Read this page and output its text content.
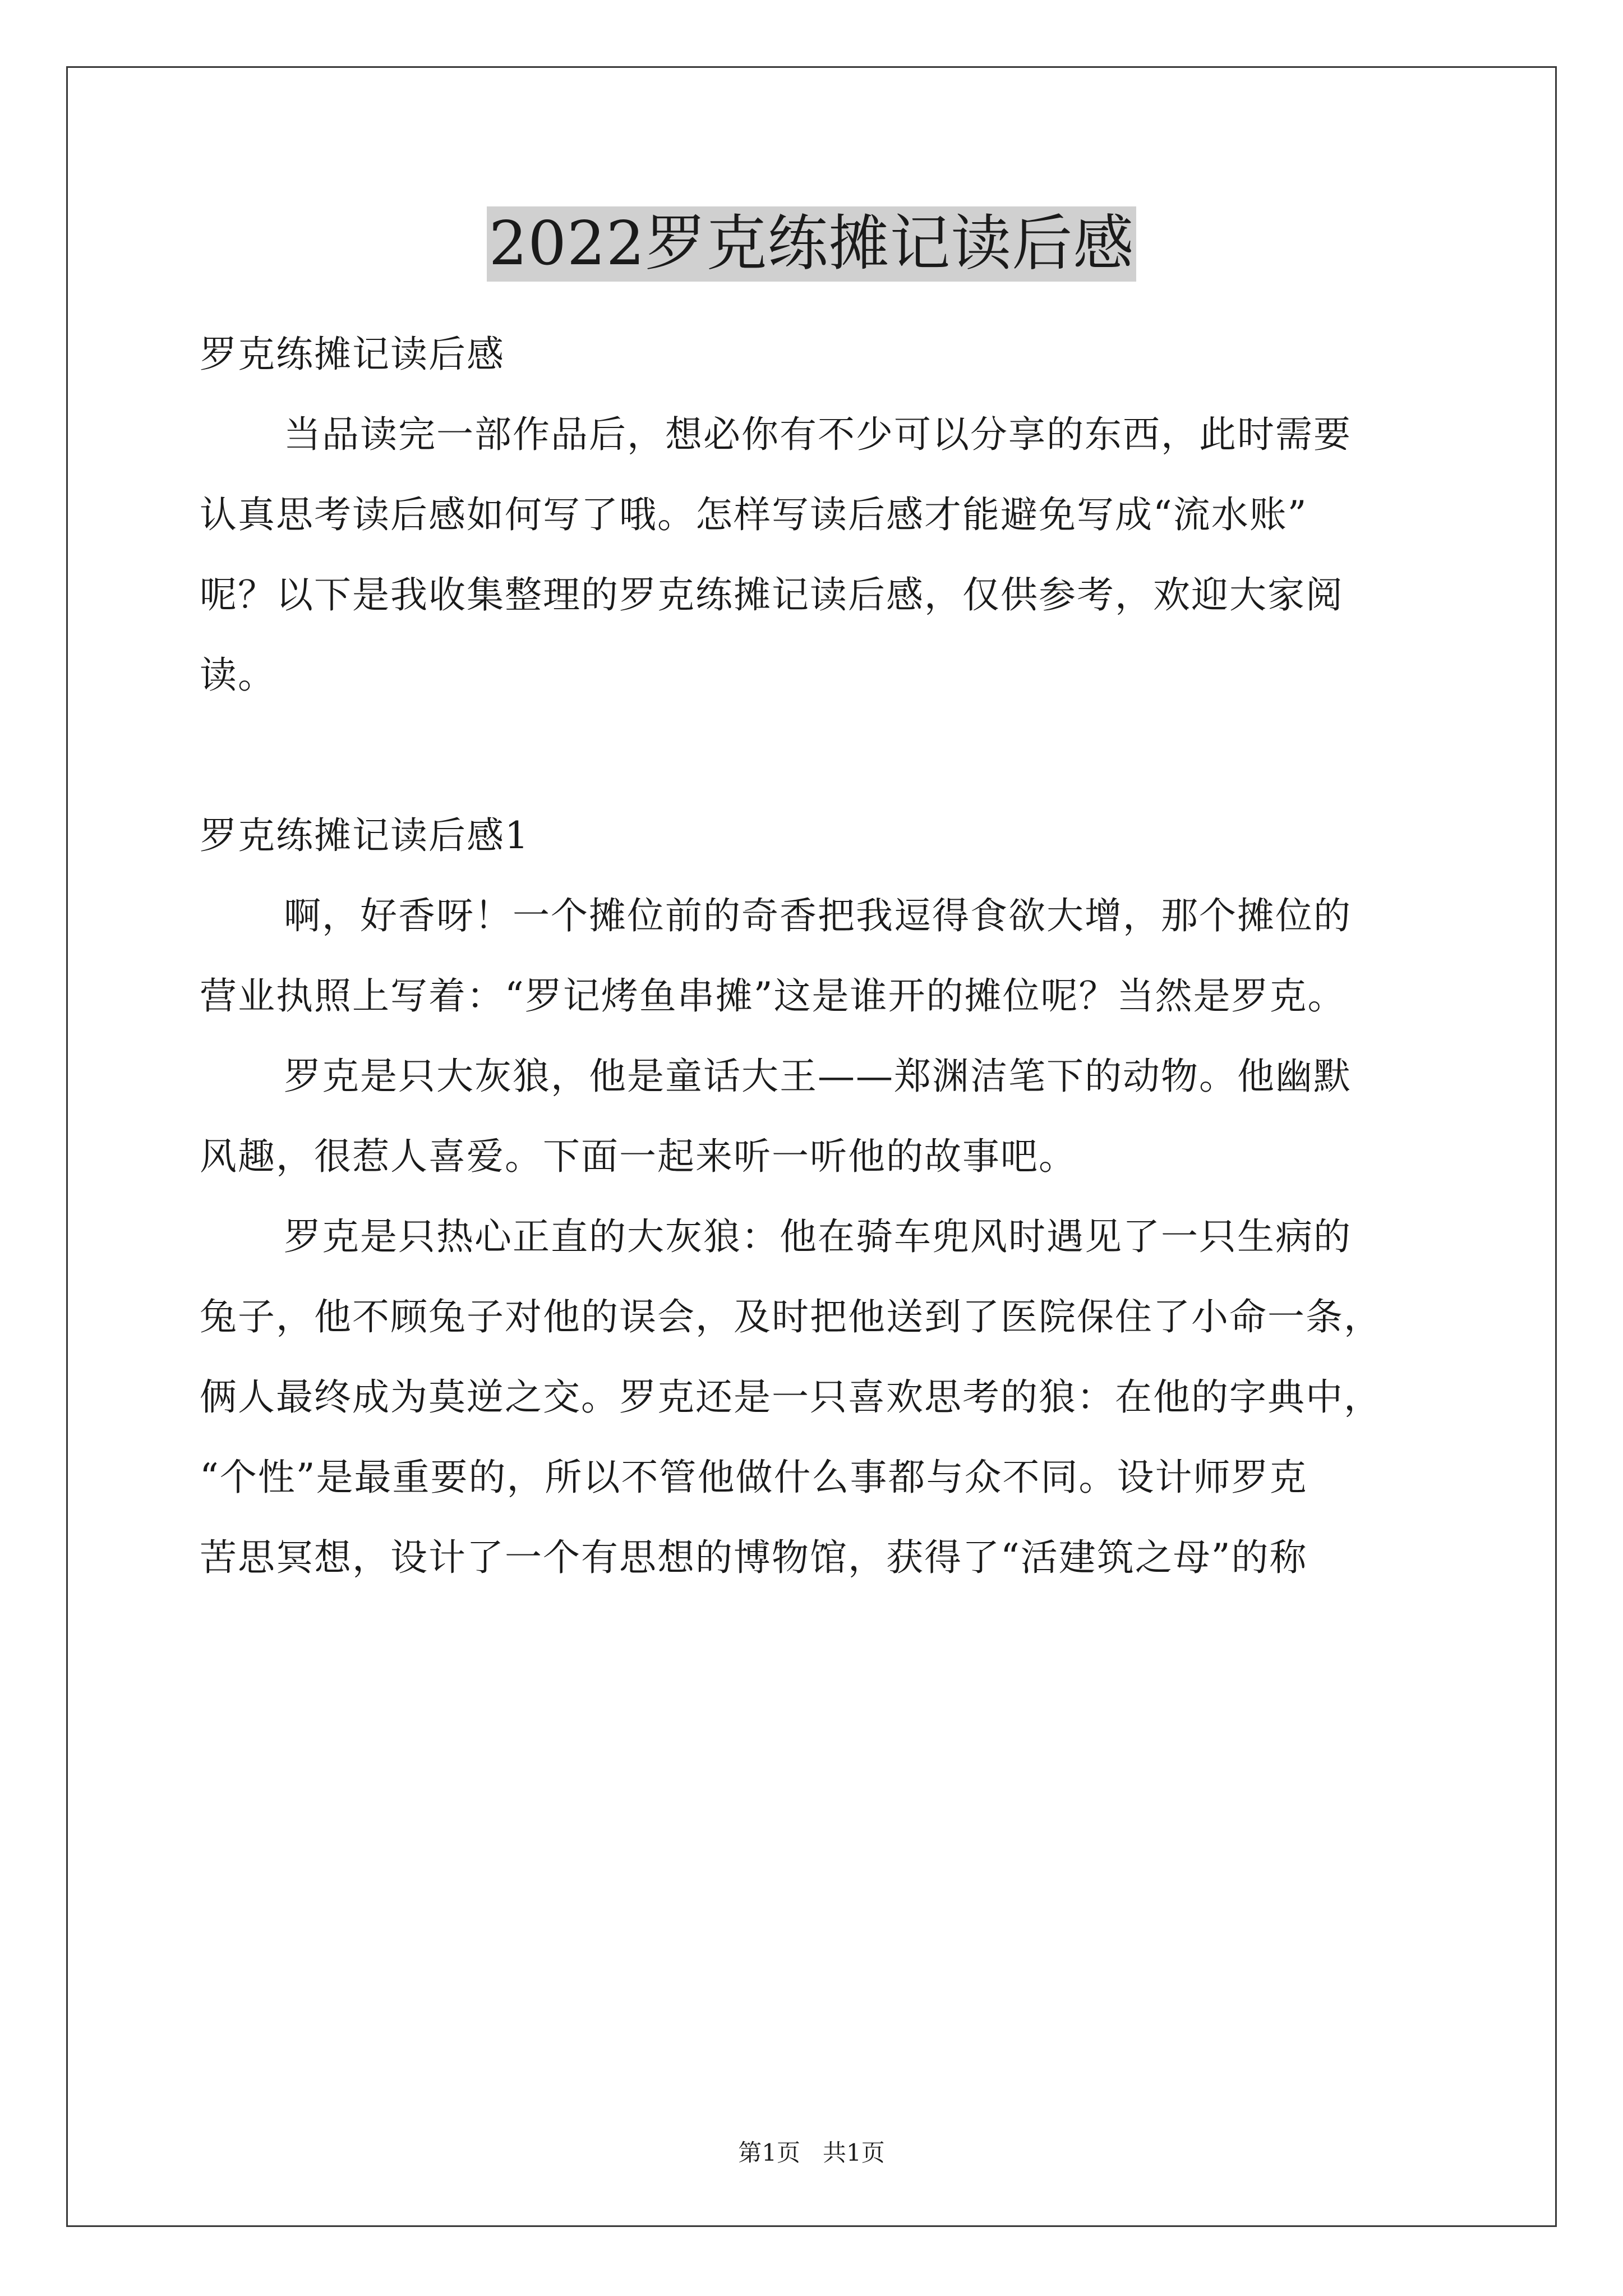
2022罗克练摊记读后感
罗克练摊记读后感
当品读完一部作品后，想必你有不少可以分享的东西，此时需要
认真思考读后感如何写了哦。怎样写读后感才能避免写成“流水账”
呢？以下是我收集整理的罗克练摊记读后感，仅供参考，欢迎大家阅
读。
罗克练摊记读后感1
啊，好香呀！一个摊位前的奇香把我逗得食欲大增，那个摊位的
营业执照上写着：“罗记烤鱼串摊”这是谁开的摊位呢？当然是罗克。
罗克是只大灰狼，他是童话大王——郑渊洁笔下的动物。他幽默
风趣，很惹人喜爱。下面一起来听一听他的故事吧。
罗克是只热心正直的大灰狼：他在骑车兜风时遇见了一只生病的
兔子，他不顾兔子对他的误会，及时把他送到了医院保住了小命一条，
俩人最终成为莫逆之交。罗克还是一只喜欢思考的狼：在他的字典中，
“个性”是最重要的，所以不管他做什么事都与众不同。设计师罗克
苦思冥想，设计了一个有思想的博物馆，获得了“活建筑之母”的称
第1页 共1页
